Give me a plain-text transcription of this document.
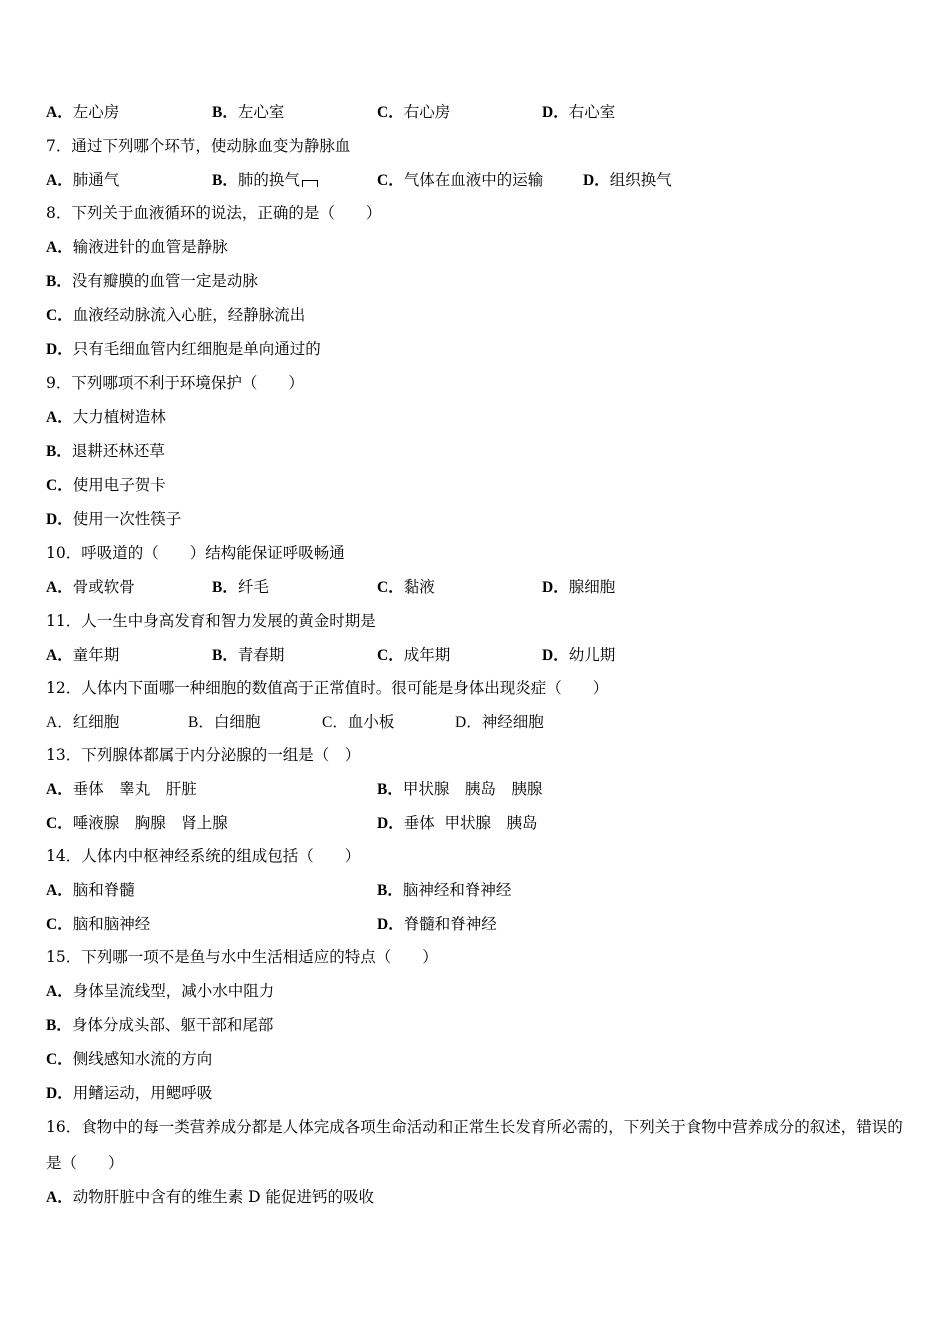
A．左心房	B．左心室	C．右心房	D．右心室
7．通过下列哪个环节，使动脉血变为静脉血
A．肺通气	B．肺的换气	C．气体在血液中的运输	D．组织换气
8．下列关于血液循环的说法，正确的是（　　）
A．输液进针的血管是静脉
B．没有瓣膜的血管一定是动脉
C．血液经动脉流入心脏，经静脉流出
D．只有毛细血管内红细胞是单向通过的
9．下列哪项不利于环境保护（　　）
A．大力植树造林
B．退耕还林还草
C．使用电子贺卡
D．使用一次性筷子
10．呼吸道的（　　）结构能保证呼吸畅通
A．骨或软骨	B．纤毛	C．黏液	D．腺细胞
11．人一生中身高发育和智力发展的黄金时期是
A．童年期	B．青春期	C．成年期	D．幼儿期
12．人体内下面哪一种细胞的数值高于正常值时。很可能是身体出现炎症（　　）
A．红细胞	B．白细胞	C．血小板	D．神经细胞
13．下列腺体都属于内分泌腺的一组是（　）
A．垂体　睾丸　肝脏	B．甲状腺　胰岛　胰腺
C．唾液腺　胸腺　肾上腺	D．垂体  甲状腺　胰岛
14．人体内中枢神经系统的组成包括（　　）
A．脑和脊髓	B．脑神经和脊神经
C．脑和脑神经	D．脊髓和脊神经
15．下列哪一项不是鱼与水中生活相适应的特点（　　）
A．身体呈流线型，减小水中阻力
B．身体分成头部、躯干部和尾部
C．侧线感知水流的方向
D．用鳍运动，用鳃呼吸
16．食物中的每一类营养成分都是人体完成各项生命活动和正常生长发育所必需的，下列关于食物中营养成分的叙述，错误的是（　　）
A．动物肝脏中含有的维生素 D 能促进钙的吸收
